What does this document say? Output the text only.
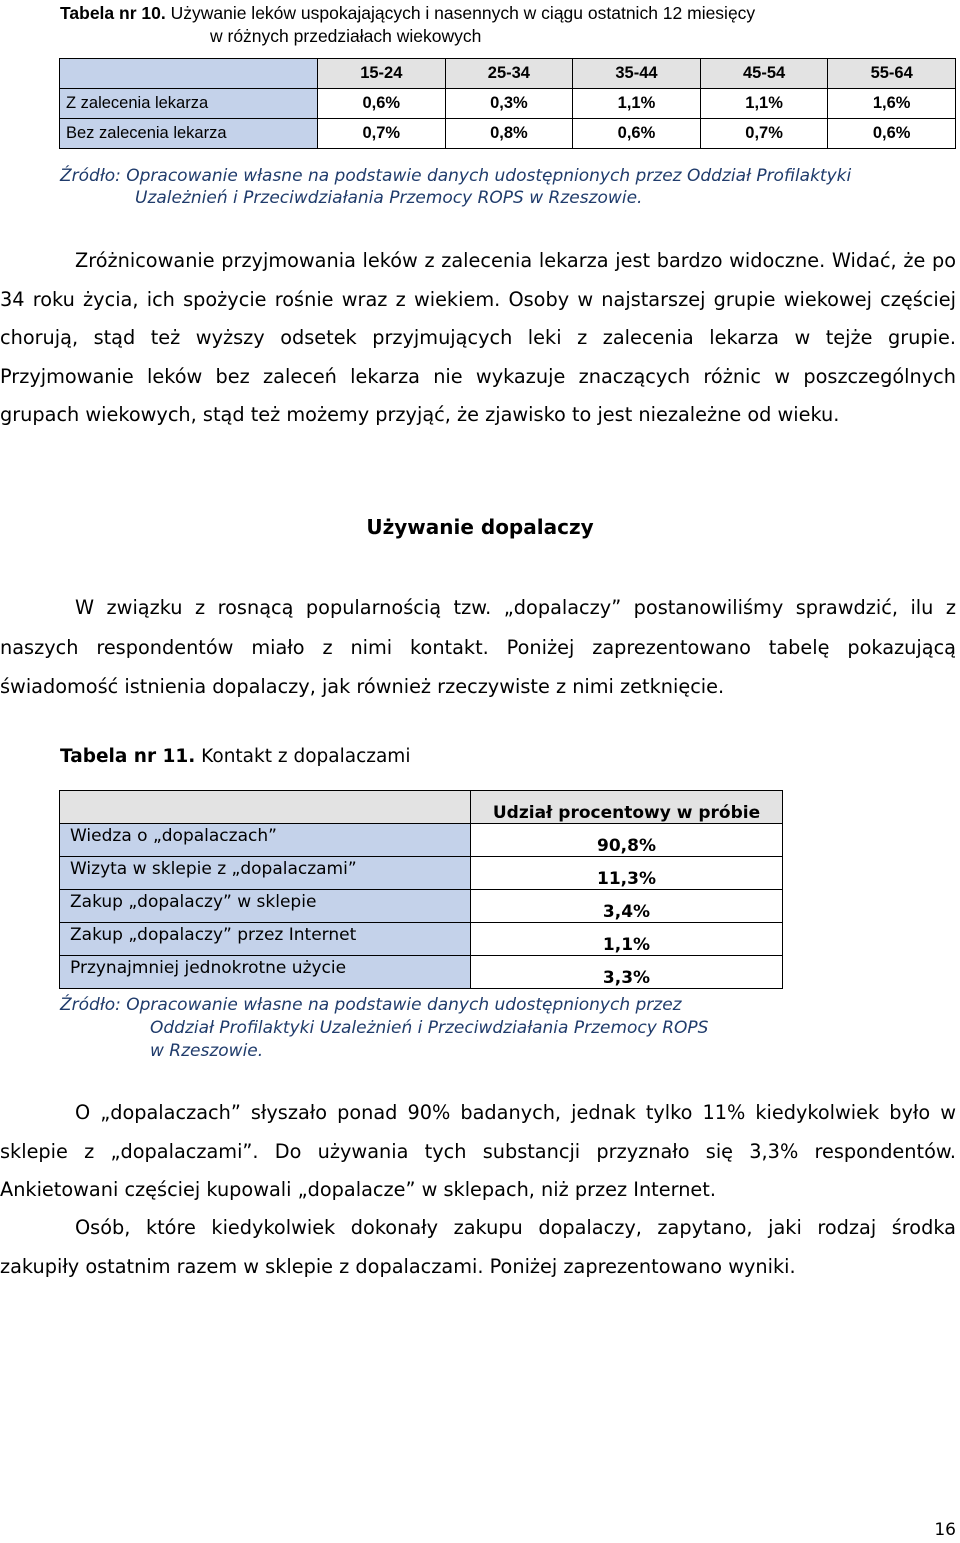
Tabela nr 10. Używanie leków uspokajających i nasennych w ciągu ostatnich 12 miesięcy
w różnych przedziałach wiekowych
	15-24	25-34	35-44	45-54	55-64
Z zalecenia lekarza	0,6%	0,3%	1,1%	1,1%	1,6%
Bez zalecenia lekarza	0,7%	0,8%	0,6%	0,7%	0,6%
Źródło: Opracowanie własne na podstawie danych udostępnionych przez Oddział Profilaktyki
Uzależnień i Przeciwdziałania Przemocy ROPS w Rzeszowie.
Zróżnicowanie przyjmowania leków z zalecenia lekarza jest bardzo widoczne. Widać, że po 34 roku życia, ich spożycie rośnie wraz z wiekiem. Osoby w najstarszej grupie wiekowej częściej chorują, stąd też wyższy odsetek przyjmujących leki z zalecenia lekarza w tejże grupie. Przyjmowanie leków bez zaleceń lekarza nie wykazuje znaczących różnic w poszczególnych grupach wiekowych, stąd też możemy przyjąć, że zjawisko to jest niezależne od wieku.
Używanie dopalaczy
W związku z rosnącą popularnością tzw. „dopalaczy” postanowiliśmy sprawdzić, ilu z naszych respondentów miało z nimi kontakt. Poniżej zaprezentowano tabelę pokazującą świadomość istnienia dopalaczy, jak również rzeczywiste z nimi zetknięcie.
Tabela nr 11. Kontakt z dopalaczami
	Udział procentowy w próbie
Wiedza o „dopalaczach”	90,8%
Wizyta w sklepie z „dopalaczami”	11,3%
Zakup „dopalaczy” w sklepie	3,4%
Zakup „dopalaczy” przez Internet	1,1%
Przynajmniej jednokrotne użycie	3,3%
Źródło: Opracowanie własne na podstawie danych udostępnionych przez
Oddział Profilaktyki Uzależnień i Przeciwdziałania Przemocy ROPS
w Rzeszowie.
O „dopalaczach” słyszało ponad 90% badanych, jednak tylko 11% kiedykolwiek było w sklepie z „dopalaczami”. Do używania tych substancji przyznało się 3,3% respondentów. Ankietowani częściej kupowali „dopalacze” w sklepach, niż przez Internet.
Osób, które kiedykolwiek dokonały zakupu dopalaczy, zapytano, jaki rodzaj środka zakupiły ostatnim razem w sklepie z dopalaczami. Poniżej zaprezentowano wyniki.
16
